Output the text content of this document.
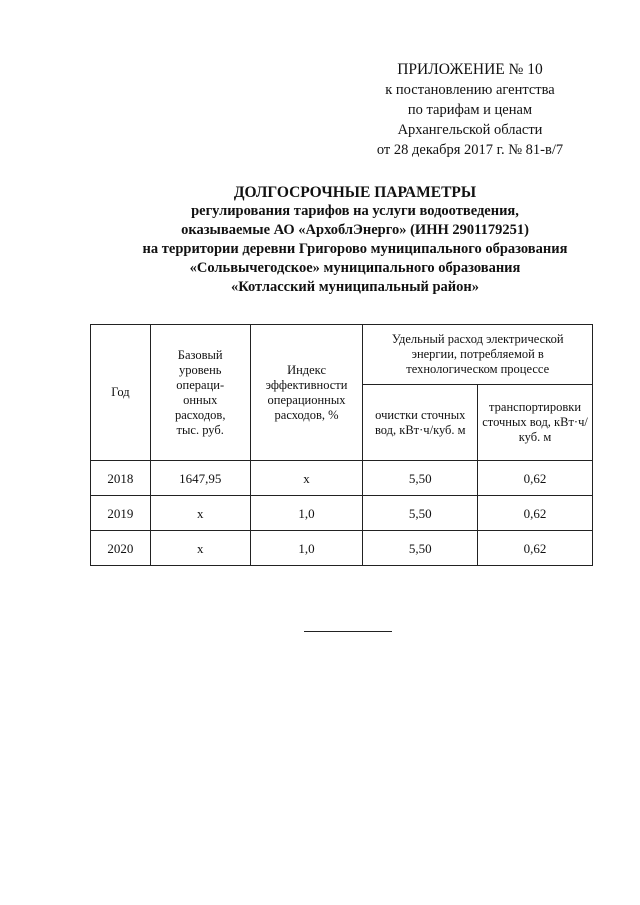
ПРИЛОЖЕНИЕ № 10
к постановлению агентства
по тарифам и ценам
Архангельской области
от 28 декабря 2017 г. № 81-в/7
ДОЛГОСРОЧНЫЕ ПАРАМЕТРЫ
регулирования тарифов на услуги водоотведения,
оказываемые АО «АрхоблЭнерго» (ИНН 2901179251)
на территории деревни Григорово муниципального образования
«Сольвычегодское» муниципального образования
«Котласский муниципальный район»
Год	Базовый уровень операци-онных расходов, тыс. руб.	Индекс эффективности операционных расходов, %	Удельный расход электрической энергии, потребляемой в технологическом процессе	
			очистки сточных вод, кВт·ч/куб. м	транспортировки сточных вод, кВт·ч/куб. м
2018	1647,95	x	5,50	0,62
2019	x	1,0	5,50	0,62
2020	x	1,0	5,50	0,62
